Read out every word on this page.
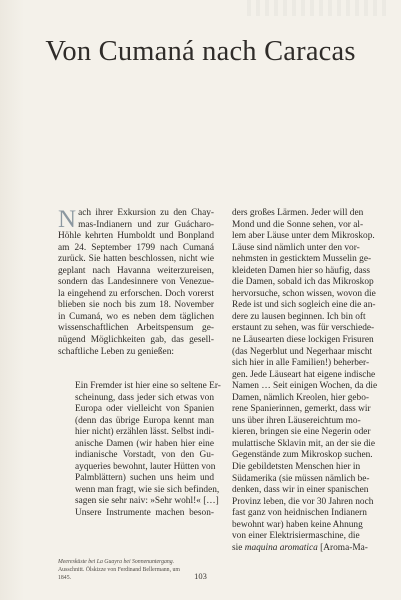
Von Cumaná nach Caracas
N ach ihrer Exkursion zu den Chay-
mas-Indianern und zur Guácharo-
Höhle kehrten Humboldt und Bonpland
am 24. September 1799 nach Cumaná
zurück. Sie hatten beschlossen, nicht wie
geplant nach Havanna weiterzureisen,
sondern das Landesinnere von Venezue-
la eingehend zu erforschen. Doch vorerst
blieben sie noch bis zum 18. November
in Cumaná, wo es neben dem täglichen
wissenschaftlichen Arbeitspensum ge-
nügend Möglichkeiten gab, das gesell-
schaftliche Leben zu genießen:
Ein Fremder ist hier eine so seltene Er-
scheinung, dass jeder sich etwas von
Europa oder vielleicht von Spanien
(denn das übrige Europa kennt man
hier nicht) erzählen lässt. Selbst indi-
anische Damen (wir haben hier eine
indianische Vorstadt, von den Gu-
ayquerìes bewohnt, lauter Hütten von
Palmblättern) suchen uns heim und
wenn man fragt, wie sie sich befinden,
sagen sie sehr naiv: »Sehr wohl!« […]
Unsere Instrumente machen beson-
ders großes Lärmen. Jeder will den
Mond und die Sonne sehen, vor al-
lem aber Läuse unter dem Mikroskop.
Läuse sind nämlich unter den vor-
nehmsten in gesticktem Musselin ge-
kleideten Damen hier so häufig, dass
die Damen, sobald ich das Mikroskop
hervorsuche, schon wissen, wovon die
Rede ist und sich sogleich eine die an-
dere zu lausen beginnen. Ich bin oft
erstaunt zu sehen, was für verschiede-
ne Läusearten diese lockigen Frisuren
(das Negerblut und Negerhaar mischt
sich hier in alle Familien!) beherber-
gen. Jede Läuseart hat eigene indische
Namen … Seit einigen Wochen, da die
Damen, nämlich Kreolen, hier gebo-
rene Spanierinnen, gemerkt, dass wir
uns über ihren Läusereichtum mo-
kieren, bringen sie eine Negerin oder
mulattische Sklavin mit, an der sie die
Gegenstände zum Mikroskop suchen.
Die gebildetsten Menschen hier in
Südamerika (sie müssen nämlich be-
denken, dass wir in einer spanischen
Provinz leben, die vor 30 Jahren noch
fast ganz von heidnischen Indianern
bewohnt war) haben keine Ahnung
von einer Elektrisiermaschine, die
sie maquina aromatica [Aroma-Ma-
Meeresküste bei La Guayra bei Sonnenuntergang.
Ausschnitt. Ölskizze von Ferdinand Bellermann, um
1845.	103
